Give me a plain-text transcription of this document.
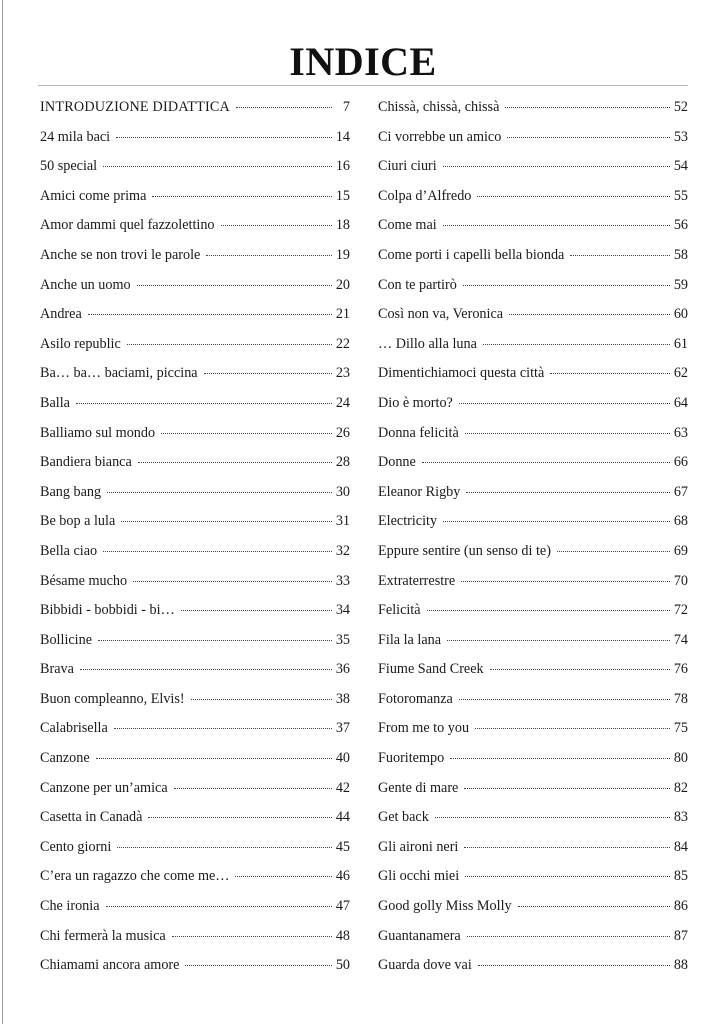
INDICE
INTRODUZIONE DIDATTICA	7
24 mila baci	14
50 special	16
Amici come prima	15
Amor dammi quel fazzolettino	18
Anche se non trovi le parole	19
Anche un uomo	20
Andrea	21
Asilo republic	22
Ba… ba… baciami, piccina	23
Balla	24
Balliamo sul mondo	26
Bandiera bianca	28
Bang bang	30
Be bop a lula	31
Bella ciao	32
Bésame mucho	33
Bibbidi - bobbidi - bi…	34
Bollicine	35
Brava	36
Buon compleanno, Elvis!	38
Calabrisella	37
Canzone	40
Canzone per un’amica	42
Casetta in Canadà	44
Cento giorni	45
C’era un ragazzo che come me…	46
Che ironia	47
Chi fermerà la musica	48
Chiamami ancora amore	50
Chissà, chissà, chissà	52
Ci vorrebbe un amico	53
Ciuri ciuri	54
Colpa d’Alfredo	55
Come mai	56
Come porti i capelli bella bionda	58
Con te partirò	59
Così non va, Veronica	60
… Dillo alla luna	61
Dimentichiamoci questa città	62
Dio è morto?	64
Donna felicità	63
Donne	66
Eleanor Rigby	67
Electricity	68
Eppure sentire (un senso di te)	69
Extraterrestre	70
Felicità	72
Fila la lana	74
Fiume Sand Creek	76
Fotoromanza	78
From me to you	75
Fuoritempo	80
Gente di mare	82
Get back	83
Gli aironi neri	84
Gli occhi miei	85
Good golly Miss Molly	86
Guantanamera	87
Guarda dove vai	88
